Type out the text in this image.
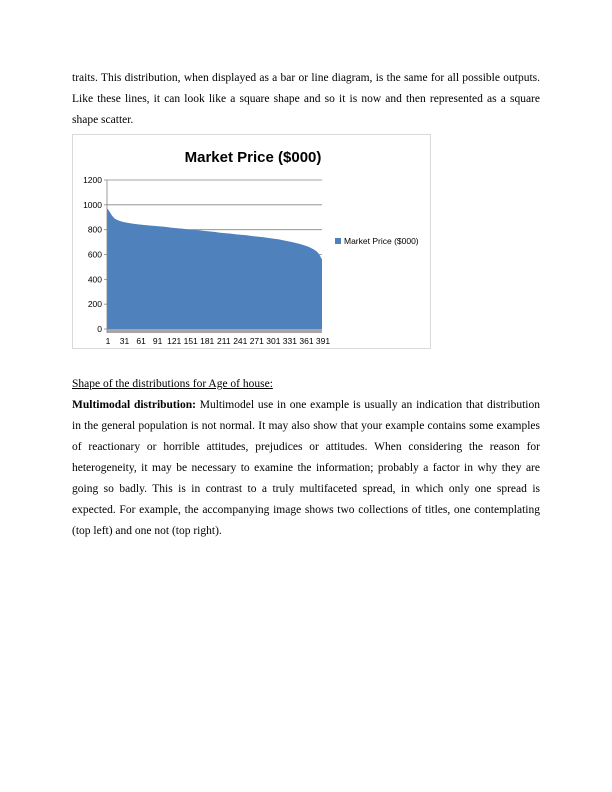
traits. This distribution, when displayed as a bar or line diagram, is the same for all possible outputs. Like these lines, it can look like a square shape and so it is now and then represented as a square shape scatter.

Market Price ($000)
0
200
400
600
800
1000
1200
1 31 61 91 121 151 181 211 241 271 301 331 361 391
Market Price ($000)

Shape of the distributions for Age of house:

Multimodal distribution: Multimodel use in one example is usually an indication that distribution in the general population is not normal. It may also show that your example contains some examples of reactionary or horrible attitudes, prejudices or attitudes. When considering the reason for heterogeneity, it may be necessary to examine the information; probably a factor in why they are going so badly. This is in contrast to a truly multifaceted spread, in which only one spread is expected. For example, the accompanying image shows two collections of titles, one contemplating (top left) and one not (top right).
